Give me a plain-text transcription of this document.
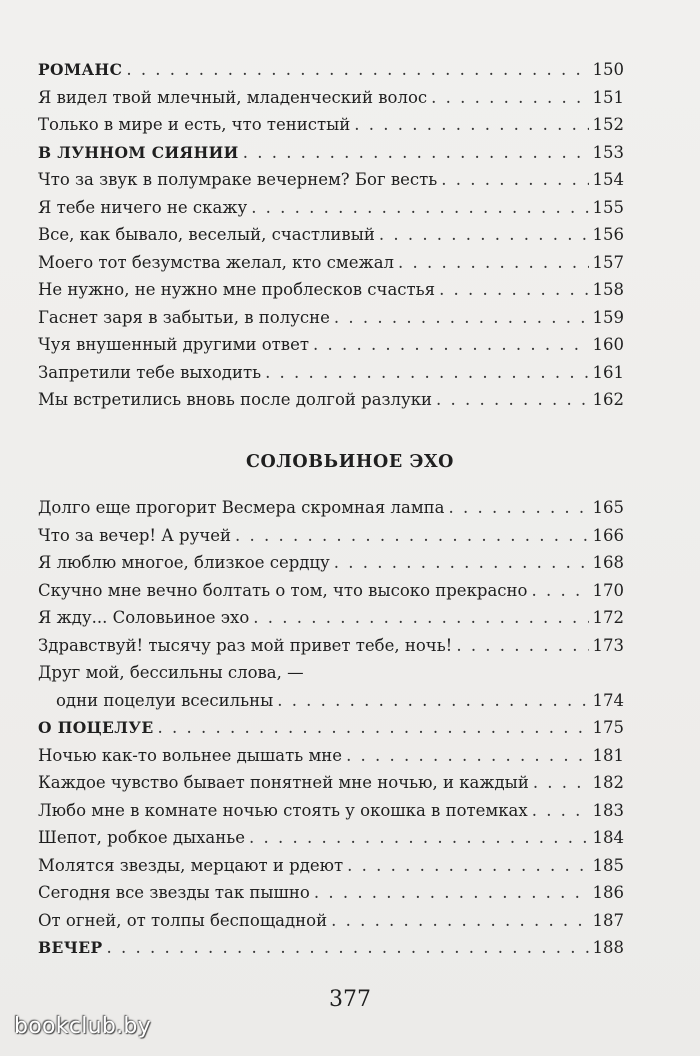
РОМАНС . . .	150
Я видел твой млечный, младенческий волос . . .	151
Только в мире и есть, что тенистый . . .	152
В ЛУННОМ СИЯНИИ . . .	153
Что за звук в полумраке вечернем? Бог весть . . .	154
Я тебе ничего не скажу . . .	155
Все, как бывало, веселый, счастливый . . .	156
Моего тот безумства желал, кто смежал . . .	157
Не нужно, не нужно мне проблесков счастья . . .	158
Гаснет заря в забытьи, в полусне . . .	159
Чуя внушенный другими ответ . . .	160
Запретили тебе выходить . . .	161
Мы встретились вновь после долгой разлуки . . .	162
СОЛОВЬИНОЕ ЭХО
Долго еще прогорит Весмера скромная лампа . . .	165
Что за вечер! А ручей . . .	166
Я люблю многое, близкое сердцу . . .	168
Скучно мне вечно болтать о том, что высоко прекрасно . . .	170
Я жду... Соловьиное эхо . . .	172
Здравствуй! тысячу раз мой привет тебе, ночь! . . .	173
Друг мой, бессильны слова, —
одни поцелуи всесильны . . .	174
О ПОЦЕЛУЕ . . .	175
Ночью как-то вольнее дышать мне . . .	181
Каждое чувство бывает понятней мне ночью, и каждый . . .	182
Любо мне в комнате ночью стоять у окошка в потемках . . .	183
Шепот, робкое дыханье . . .	184
Молятся звезды, мерцают и рдеют . . .	185
Сегодня все звезды так пышно . . .	186
От огней, от толпы беспощадной . . .	187
ВЕЧЕР . . .	188
377
bookclub.by
